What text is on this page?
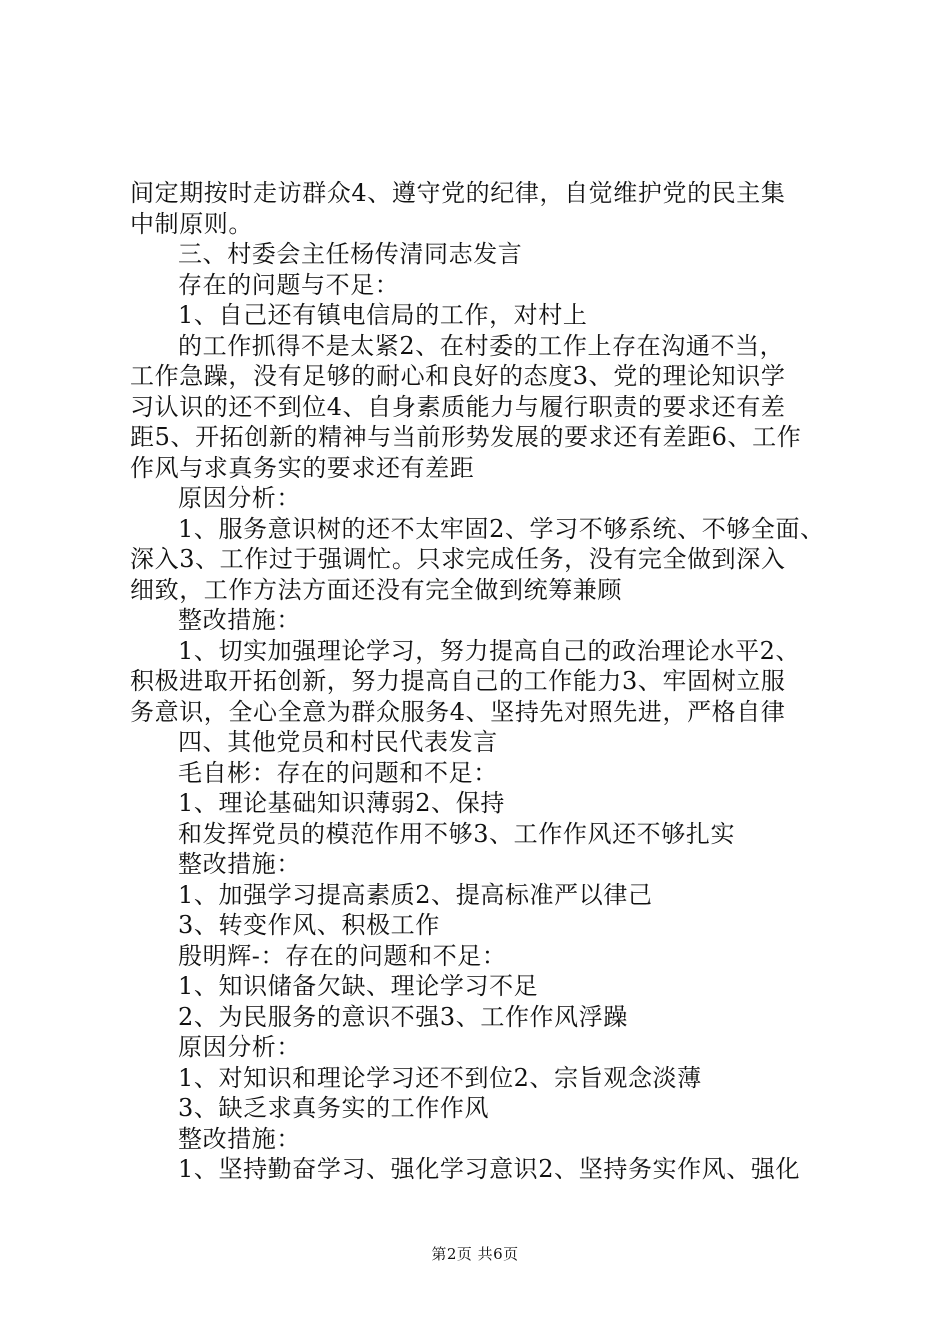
间定期按时走访群众4、遵守党的纪律，自觉维护党的民主集
中制原则。
三、村委会主任杨传清同志发言
存在的问题与不足：
1、自己还有镇电信局的工作，对村上
的工作抓得不是太紧2、在村委的工作上存在沟通不当，
工作急躁，没有足够的耐心和良好的态度3、党的理论知识学
习认识的还不到位4、自身素质能力与履行职责的要求还有差
距5、开拓创新的精神与当前形势发展的要求还有差距6、工作
作风与求真务实的要求还有差距
原因分析：
1、服务意识树的还不太牢固2、学习不够系统、不够全面、
深入3、工作过于强调忙。只求完成任务，没有完全做到深入
细致，工作方法方面还没有完全做到统筹兼顾
整改措施：
1、切实加强理论学习，努力提高自己的政治理论水平2、
积极进取开拓创新，努力提高自己的工作能力3、牢固树立服
务意识，全心全意为群众服务4、坚持先对照先进，严格自律
四、其他党员和村民代表发言
毛自彬：存在的问题和不足：
1、理论基础知识薄弱2、保持
和发挥党员的模范作用不够3、工作作风还不够扎实
整改措施：
1、加强学习提高素质2、提高标准严以律己
3、转变作风、积极工作
殷明辉-：存在的问题和不足：
1、知识储备欠缺、理论学习不足
2、为民服务的意识不强3、工作作风浮躁
原因分析：
1、对知识和理论学习还不到位2、宗旨观念淡薄
3、缺乏求真务实的工作作风
整改措施：
1、坚持勤奋学习、强化学习意识2、坚持务实作风、强化
第2页 共6页
